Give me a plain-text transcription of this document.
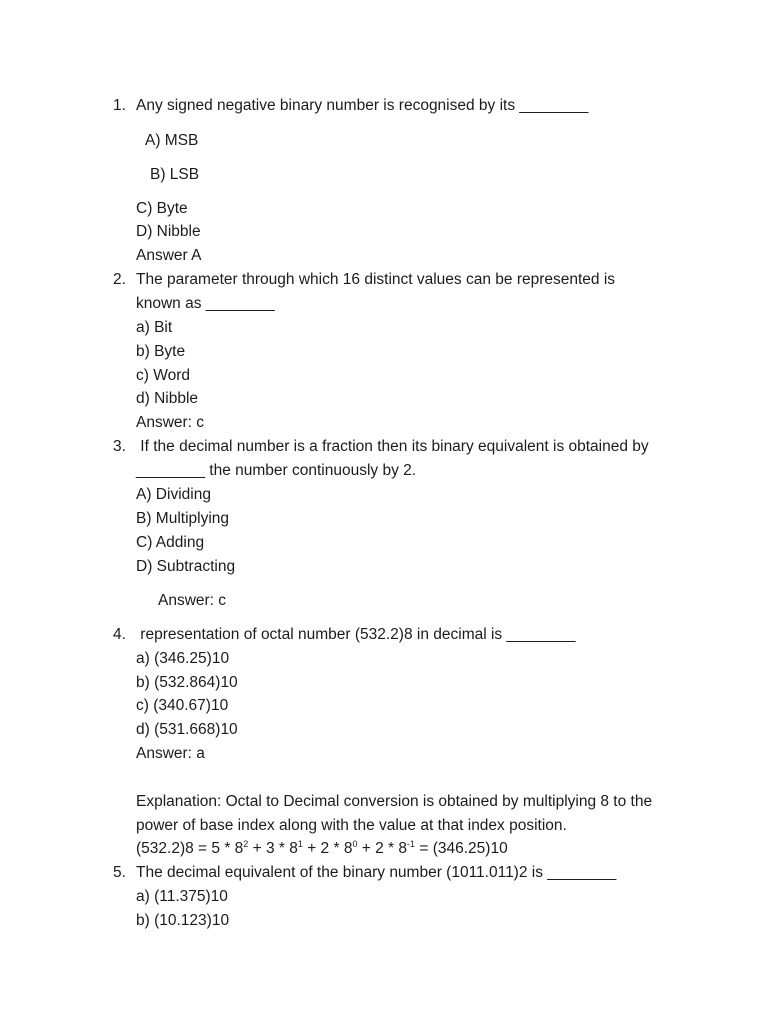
1. Any signed negative binary number is recognised by its ________
A) MSB
B) LSB
C) Byte
D) Nibble
Answer A
2. The parameter through which 16 distinct values can be represented is
known as ________
a) Bit
b) Byte
c) Word
d) Nibble
Answer: c
3. If the decimal number is a fraction then its binary equivalent is obtained by
________ the number continuously by 2.
A) Dividing
B) Multiplying
C) Adding
D) Subtracting
Answer: c
4. representation of octal number (532.2)8 in decimal is ________
a) (346.25)10
b) (532.864)10
c) (340.67)10
d) (531.668)10
Answer: a
Explanation: Octal to Decimal conversion is obtained by multiplying 8 to the
power of base index along with the value at that index position.
$(532.2)8 = 5 * 8^2 + 3 * 8^1 + 2 * 8^0 + 2 * 8^{-1} = (346.25)10$
5. The decimal equivalent of the binary number (1011.011)2 is ________
a) (11.375)10
b) (10.123)10
